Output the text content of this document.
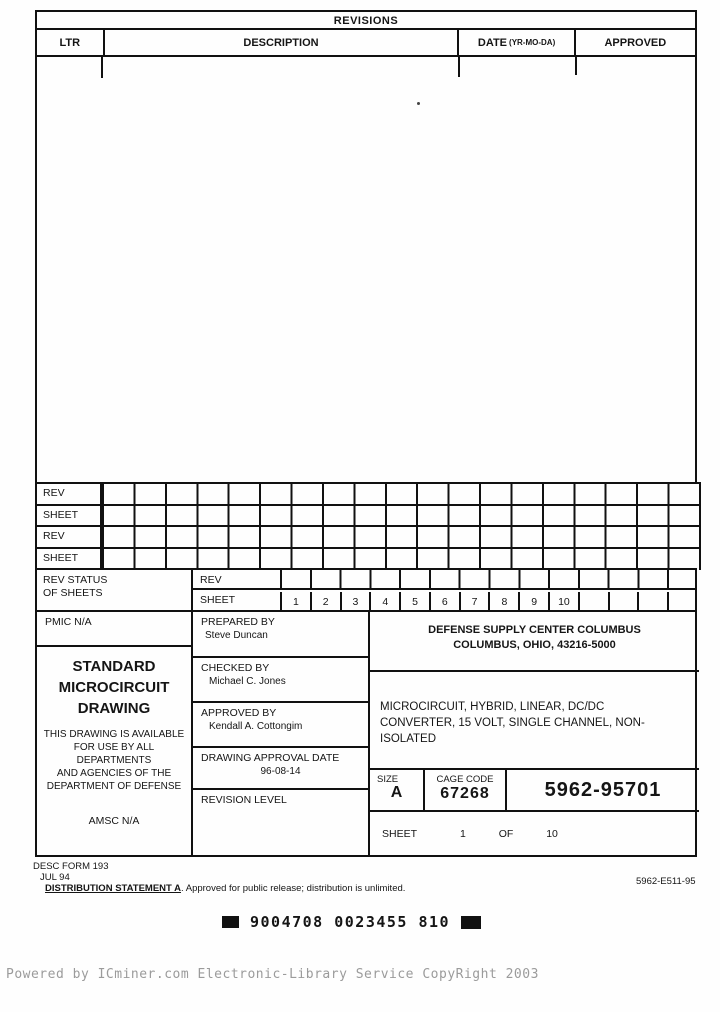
REVISIONS
LTR	DESCRIPTION	DATE (YR-MO-DA)	APPROVED
REV
SHEET
REV
SHEET
REV STATUS
OF SHEETS
REV
SHEET	1	2	3	4	5	6	7	8	9	10
PMIC N/A
STANDARD
MICROCIRCUIT
DRAWING
THIS DRAWING IS AVAILABLE
FOR USE BY ALL
DEPARTMENTS
AND AGENCIES OF THE
DEPARTMENT OF DEFENSE
AMSC N/A
PREPARED BY
Steve Duncan
CHECKED BY
Michael C. Jones
APPROVED BY
Kendall A. Cottongim
DRAWING APPROVAL DATE
96-08-14
REVISION LEVEL
DEFENSE SUPPLY CENTER COLUMBUS
COLUMBUS, OHIO, 43216-5000
MICROCIRCUIT, HYBRID, LINEAR, DC/DC
CONVERTER, 15 VOLT, SINGLE CHANNEL, NON-
ISOLATED
SIZE
A
CAGE CODE
67268	5962-95701
SHEET	1	OF	10
DESC FORM 193
JUL 94
DISTRIBUTION STATEMENT A. Approved for public release; distribution is unlimited.
5962-E511-95
9004708 0023455 810
Powered by ICminer.com Electronic-Library Service CopyRight 2003
